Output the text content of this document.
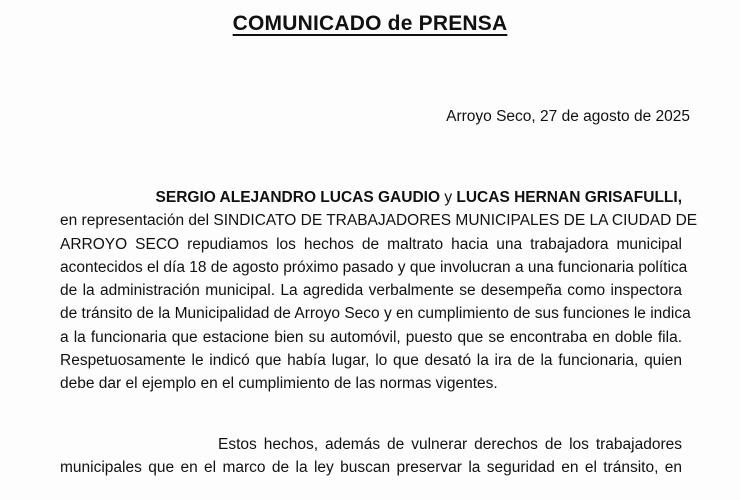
COMUNICADO de PRENSA
Arroyo Seco, 27 de agosto de 2025
SERGIO ALEJANDRO LUCAS GAUDIO y LUCAS HERNAN GRISAFULLI,
en representación del SINDICATO DE TRABAJADORES MUNICIPALES DE LA CIUDAD DE
ARROYO SECO repudiamos los hechos de maltrato hacia una trabajadora municipal
acontecidos el día 18 de agosto próximo pasado y que involucran a una funcionaria política
de la administración municipal. La agredida verbalmente se desempeña como inspectora
de tránsito de la Municipalidad de Arroyo Seco y en cumplimiento de sus funciones le indica
a la funcionaria que estacione bien su automóvil, puesto que se encontraba en doble fila.
Respetuosamente le indicó que había lugar, lo que desató la ira de la funcionaria, quien
debe dar el ejemplo en el cumplimiento de las normas vigentes.
Estos hechos, además de vulnerar derechos de los trabajadores
municipales que en el marco de la ley buscan preservar la seguridad en el tránsito, en
